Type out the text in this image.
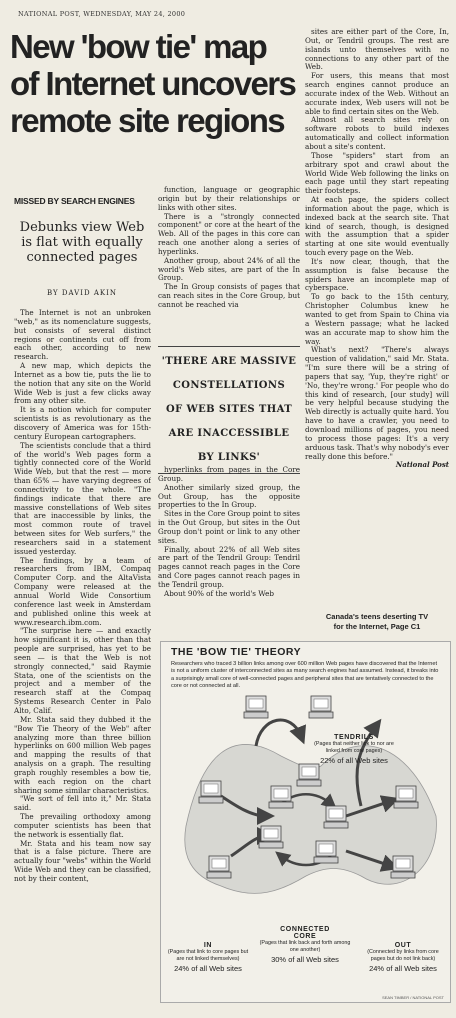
NATIONAL POST, WEDNESDAY, MAY 24, 2000
New 'bow tie' map
of Internet uncovers
remote site regions
MISSED BY SEARCH ENGINES
Debunks view Web is flat with equally connected pages
BY DAVID AKIN

The Internet is not an unbroken "web," as its nomenclature suggests, but consists of several distinct regions or continents cut off from each other, according to new research.

A new map, which depicts the Internet as a bow tie, puts the lie to the notion that any site on the World Wide Web is just a few clicks away from any other site.

It is a notion which for computer scientists is as revolutionary as the discovery of America was for 15th-century European cartographers.

The scientists conclude that a third of the world's Web pages form a tightly connected core of the World Wide Web, but that the rest — more than 65% — have varying degrees of connectivity to the whole. "The findings indicate that there are massive constellations of Web sites that are inaccessible by links, the most common route of travel between sites for Web surfers," the researchers said in a statement issued yesterday.

The findings, by a team of researchers from IBM, Compaq Computer Corp. and the AltaVista Company were released at the annual World Wide Consortium conference last week in Amsterdam and published online this week at www.research.ibm.com.

"The surprise here — and exactly how significant it is, other than that people are surprised, has yet to be seen — is that the Web is not strongly connected," said Raymie Stata, one of the scientists on the project and a member of the research staff at the Compaq Systems Research Center in Palo Alto, Calif.

Mr. Stata said they dubbed it the "Bow Tie Theory of the Web" after analyzing more than three billion hyperlinks on 600 million Web pages and mapping the results of that analysis on a graph. The resulting graph roughly resembles a bow tie, with each region on the chart sharing some similar characteristics.

"We sort of fell into it," Mr. Stata said.

The prevailing orthodoxy among computer scientists has been that the network is essentially flat.

Mr. Stata and his team now say that is a false picture. There are actually four "webs" within the World Wide Web and they can be classified, not by their content,

function, language or geographic origin but by their relationships or links with other sites.

There is a "strongly connected component" or core at the heart of the Web. All of the pages in this core can reach one another along a series of hyperlinks.

Another group, about 24% of all the world's Web sites, are part of the In Group.

The In Group consists of pages that can reach sites in the Core Group, but cannot be reached via

'THERE ARE MASSIVE
CONSTELLATIONS
OF WEB SITES THAT
ARE INACCESSIBLE
BY LINKS'

hyperlinks from pages in the Core Group.

Another similarly sized group, the Out Group, has the opposite properties to the In Group.

Sites in the Core Group point to sites in the Out Group, but sites in the Out Group don't point or link to any other sites.

Finally, about 22% of all Web sites are part of the Tendril Group: Tendril pages cannot reach pages in the Core and Core pages cannot reach pages in the Tendril group.

About 90% of the world's Web

sites are either part of the Core, In, Out, or Tendril groups. The rest are islands unto themselves with no connections to any other part of the Web.

For users, this means that most search engines cannot produce an accurate index of the Web. Without an accurate index, Web users will not be able to find certain sites on the Web.

Almost all search sites rely on software robots to build indexes automatically and collect information about a site's content.

Those "spiders" start from an arbitrary spot and crawl about the World Wide Web following the links on each page until they start repeating their footsteps.

At each page, the spiders collect information about the page, which is indexed back at the search site. That kind of search, though, is designed with the assumption that a spider starting at one site would eventually touch every page on the Web.

It's now clear, though, that the assumption is false because the spiders have an incomplete map of cyberspace.

To go back to the 15th century, Christopher Columbus knew he wanted to get from Spain to China via a Western passage; what he lacked was an accurate map to show him the way.

What's next? "There's always question of validation," said Mr. Stata. "I'm sure there will be a string of papers that say, 'Yup, they're right' or 'No, they're wrong.' For people who do this kind of research, [our study] will be very helpful because studying the Web directly is actually quite hard. You have to have a crawler, you need to download millions of pages, you need to process those pages: It's a very arduous task. That's why nobody's ever really done this before."

National Post
Canada's teens deserting TV
for the Internet, Page C1
THE 'BOW TIE' THEORY
Researchers who traced 3 billion links among over 600 million Web pages have discovered that the Internet is not a uniform cluster of interconnected sites as many search engines had assumed. Instead, it breaks into a surprisingly small core of well-connected pages and peripheral sites that are tentatively connected to the core or not connected at all.
TENDRILS
(Pages that neither link to nor are linked from core pages)
22% of all Web sites
IN
(Pages that link to core pages but are not linked themselves)
24% of all Web sites
CONNECTED CORE
(Pages that link back and forth among one another)
30% of all Web sites
OUT
(Connected by links from core pages but do not link back)
24% of all Web sites
SEAN TIMBER / NATIONAL POST
